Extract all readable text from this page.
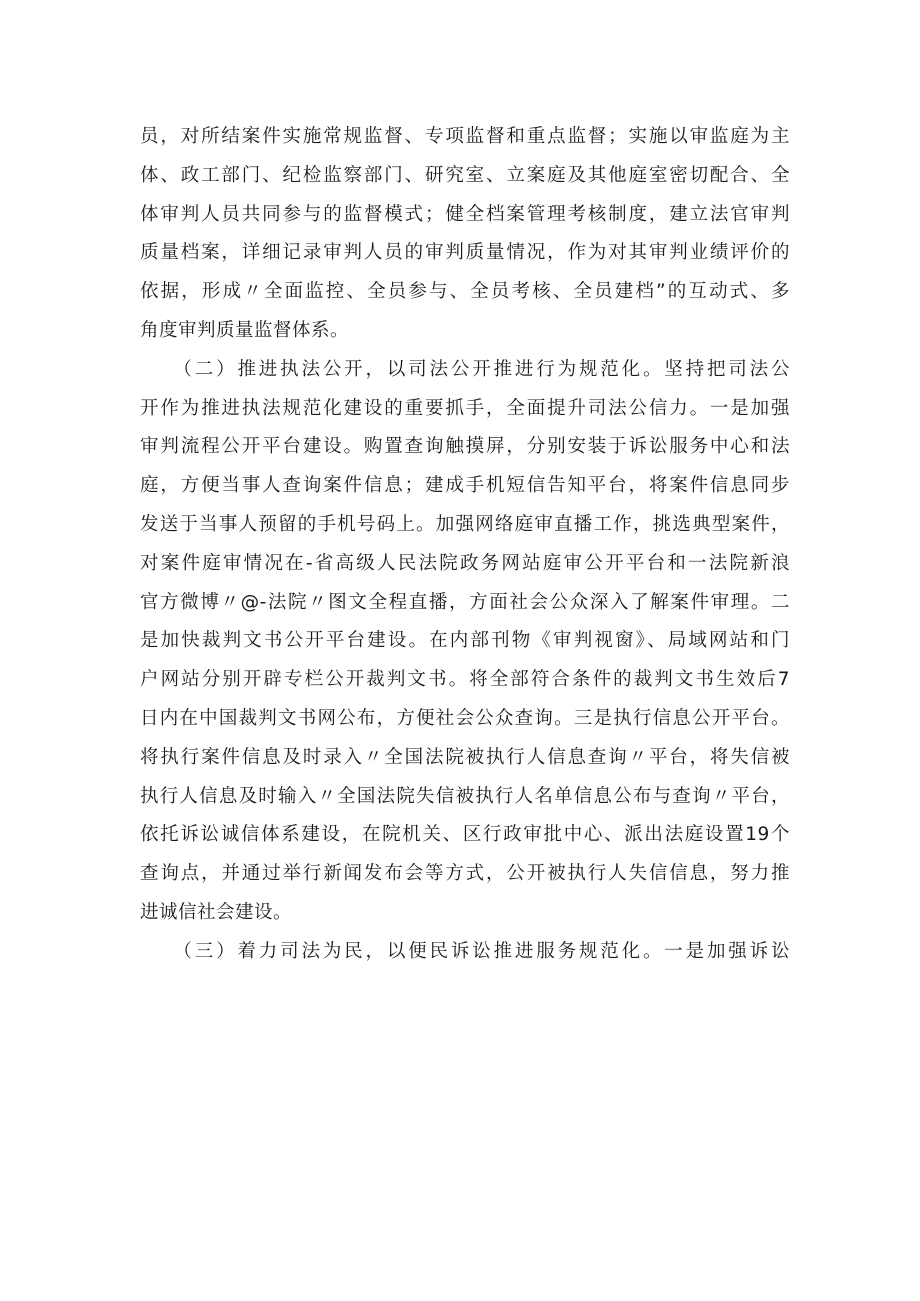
员，对所结案件实施常规监督、专项监督和重点监督；实施以审监庭为主
体、政工部门、纪检监察部门、研究室、立案庭及其他庭室密切配合、全
体审判人员共同参与的监督模式；健全档案管理考核制度，建立法官审判
质量档案，详细记录审判人员的审判质量情况，作为对其审判业绩评价的
依据，形成〃全面监控、全员参与、全员考核、全员建档”的互动式、多
角度审判质量监督体系。
　　（二）推进执法公开，以司法公开推进行为规范化。坚持把司法公
开作为推进执法规范化建设的重要抓手，全面提升司法公信力。一是加强
审判流程公开平台建设。购置查询触摸屏，分别安装于诉讼服务中心和法
庭，方便当事人查询案件信息；建成手机短信告知平台，将案件信息同步
发送于当事人预留的手机号码上。加强网络庭审直播工作，挑选典型案件，
对案件庭审情况在-省高级人民法院政务网站庭审公开平台和一法院新浪
官方微博〃@-法院〃图文全程直播，方面社会公众深入了解案件审理。二
是加快裁判文书公开平台建设。在内部刊物《审判视窗》、局域网站和门
户网站分别开辟专栏公开裁判文书。将全部符合条件的裁判文书生效后7
日内在中国裁判文书网公布，方便社会公众查询。三是执行信息公开平台。
将执行案件信息及时录入〃全国法院被执行人信息查询〃平台，将失信被
执行人信息及时输入〃全国法院失信被执行人名单信息公布与查询〃平台，
依托诉讼诚信体系建设，在院机关、区行政审批中心、派出法庭设置19个
查询点，并通过举行新闻发布会等方式，公开被执行人失信信息，努力推
进诚信社会建设。
　　（三）着力司法为民，以便民诉讼推进服务规范化。一是加强诉讼
